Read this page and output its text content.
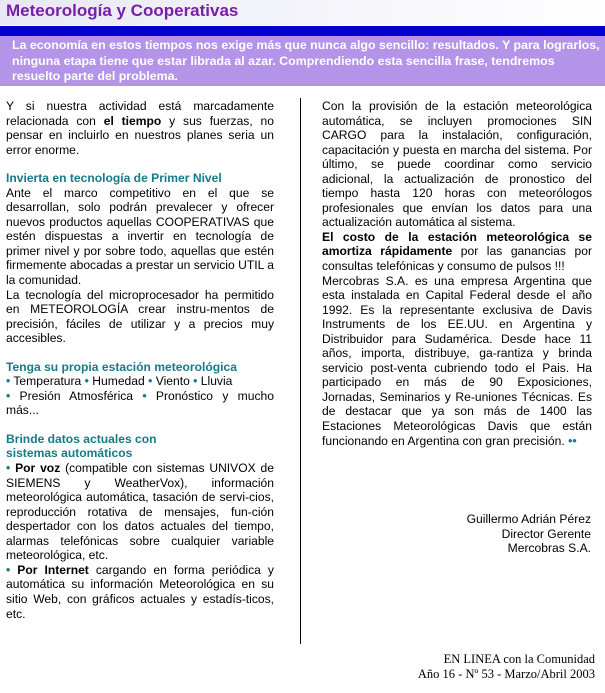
Meteorología y Cooperativas

La economía en estos tiempos nos exige más que nunca algo sencillo: resultados. Y para lograrlos, ninguna etapa tiene que estar librada al azar. Comprendiendo esta sencilla frase, tendremos resuelto parte del problema.

Y si nuestra actividad está marcadamente relacionada con el tiempo y sus fuerzas, no pensar en incluirlo en nuestros planes seria un error enorme.

Invierta en tecnología de Primer Nivel

Ante el marco competitivo en el que se desarrollan, solo podrán prevalecer y ofrecer nuevos productos aquellas COOPERATIVAS que estén dispuestas a invertir en tecnología de primer nivel y por sobre todo, aquellas que estén firmemente abocadas a prestar un servicio UTIL a la comunidad.

La tecnología del microprocesador ha permitido en METEOROLOGÍA crear instru-mentos de precisión, fáciles de utilizar y a precios muy accesibles.

Tenga su propia estación meteorológica

• Temperatura • Humedad • Viento • Lluvia
• Presión Atmosférica • Pronóstico y mucho más...

Brinde datos actuales con
sistemas automáticos

• Por voz (compatible con sistemas UNIVOX de SIEMENS y WeatherVox), información meteorológica automática, tasación de servi-cios, reproducción rotativa de mensajes, fun-ción despertador con los datos actuales del tiempo, alarmas telefónicas sobre cualquier variable meteorológica, etc.

• Por Internet cargando en forma periódica y automática su información Meteorológica en su sitio Web, con gráficos actuales y estadís-ticos, etc.

Con la provisión de la estación meteorológica automática, se incluyen promociones SIN CARGO para la instalación, configuración, capacitación y puesta en marcha del sistema. Por último, se puede coordinar como servicio adicional, la actualización de pronostico del tiempo hasta 120 horas con meteorólogos profesionales que envían los datos para una actualización automática al sistema.

El costo de la estación meteorológica se amortiza rápidamente por las ganancias por consultas telefónicas y consumo de pulsos !!!

Mercobras S.A. es una empresa Argentina que esta instalada en Capital Federal desde el año 1992. Es la representante exclusiva de Davis Instruments de los EE.UU. en Argentina y Distribuidor para Sudamérica. Desde hace 11 años, importa, distribuye, ga-rantiza y brinda servicio post-venta cubriendo todo el Pais. Ha participado en más de 90 Exposiciones, Jornadas, Seminarios y Re-uniones Técnicas. Es de destacar que ya son más de 1400 las Estaciones Meteorológicas Davis que están funcionando en Argentina con gran precisión. ••

Guillermo Adrián Pérez
Director Gerente
Mercobras S.A.
EN LINEA con la Comunidad
Año 16 - Nº 53 - Marzo/Abril 2003
